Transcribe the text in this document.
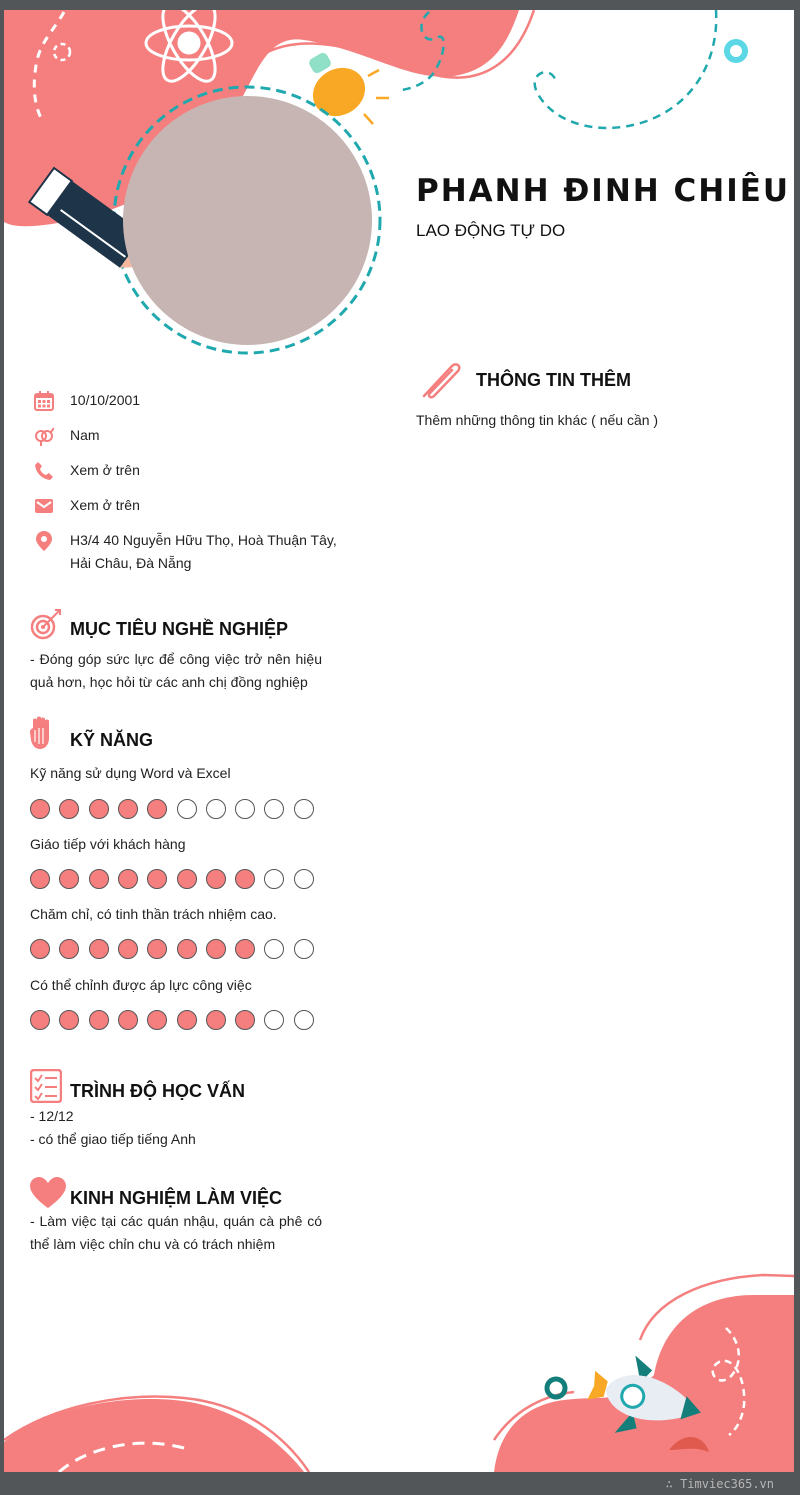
PHANH ĐINH CHIÊU
LAO ĐỘNG TỰ DO
10/10/2001
Nam
Xem ở trên
Xem ở trên
H3/4 40 Nguyễn Hữu Thọ, Hoà Thuận Tây, Hải Châu, Đà Nẵng
MỤC TIÊU NGHỀ NGHIỆP
- Đóng góp sức lực để công việc trở nên hiệu quả hơn, học hỏi từ các anh chị đồng nghiệp
KỸ NĂNG
Kỹ năng sử dụng Word và Excel
Giáo tiếp với khách hàng
Chăm chỉ, có tinh thần trách nhiệm cao.
Có thể chỉnh được áp lực công việc
TRÌNH ĐỘ HỌC VẤN
- 12/12
- có thể giao tiếp tiếng Anh
KINH NGHIỆM LÀM VIỆC
- Làm việc tại các quán nhậu, quán cà phê có thể làm việc chỉn chu và có trách nhiệm
THÔNG TIN THÊM
Thêm những thông tin khác ( nếu cần )
∴ Timviec365.vn
